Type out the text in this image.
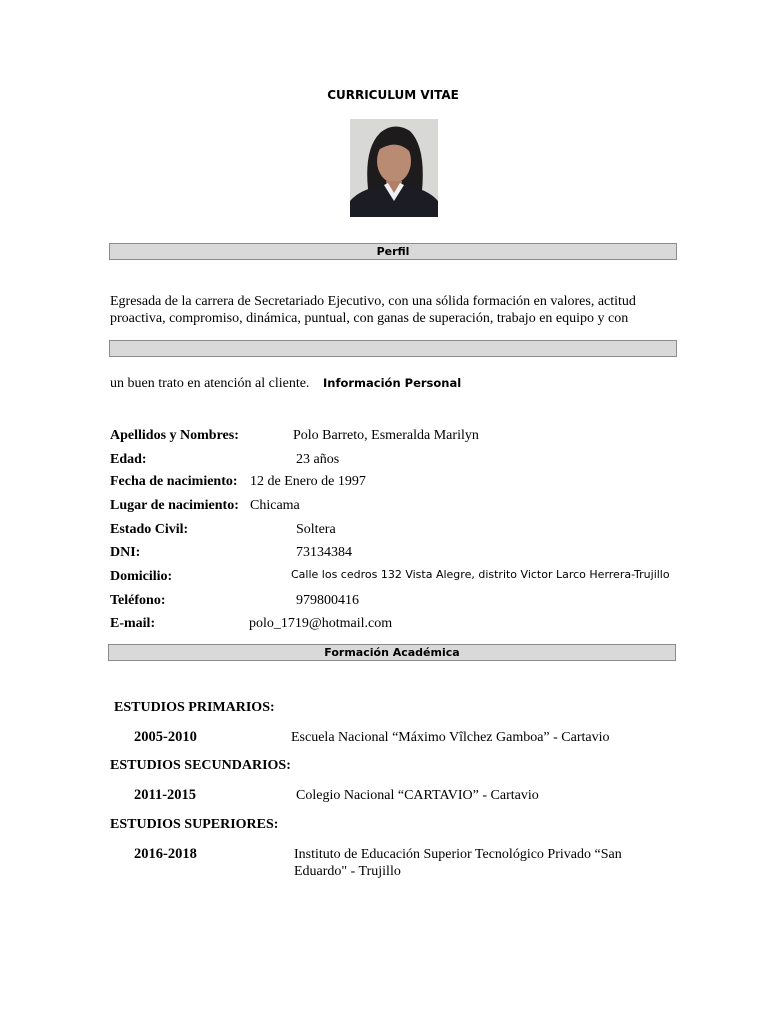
CURRICULUM VITAE
Perfil
Egresada de la carrera de Secretariado Ejecutivo, con una sólida formación en valores, actitud
proactiva, compromiso, dinámica, puntual, con ganas de superación, trabajo en equipo y con
un buen trato en atención al cliente. Información Personal
Apellidos y Nombres:	Polo Barreto, Esmeralda Marilyn
Edad:	23 años
Fecha de nacimiento: 12 de Enero de 1997
Lugar de nacimiento: Chicama
Estado Civil:	Soltera
DNI:	73134384
Domicilio:	Calle los cedros 132 Vista Alegre, distrito Victor Larco Herrera-Trujillo
Teléfono:	979800416
E-mail:	polo_1719@hotmail.com
Formación Académica
ESTUDIOS PRIMARIOS:
2005-2010	Escuela Nacional “Máximo Vîlchez Gamboa” - Cartavio
ESTUDIOS SECUNDARIOS:
2011-2015	Colegio Nacional “CARTAVIO” - Cartavio
ESTUDIOS SUPERIORES:
2016-2018	Instituto de Educación Superior Tecnológico Privado “San
Eduardo" - Trujillo
